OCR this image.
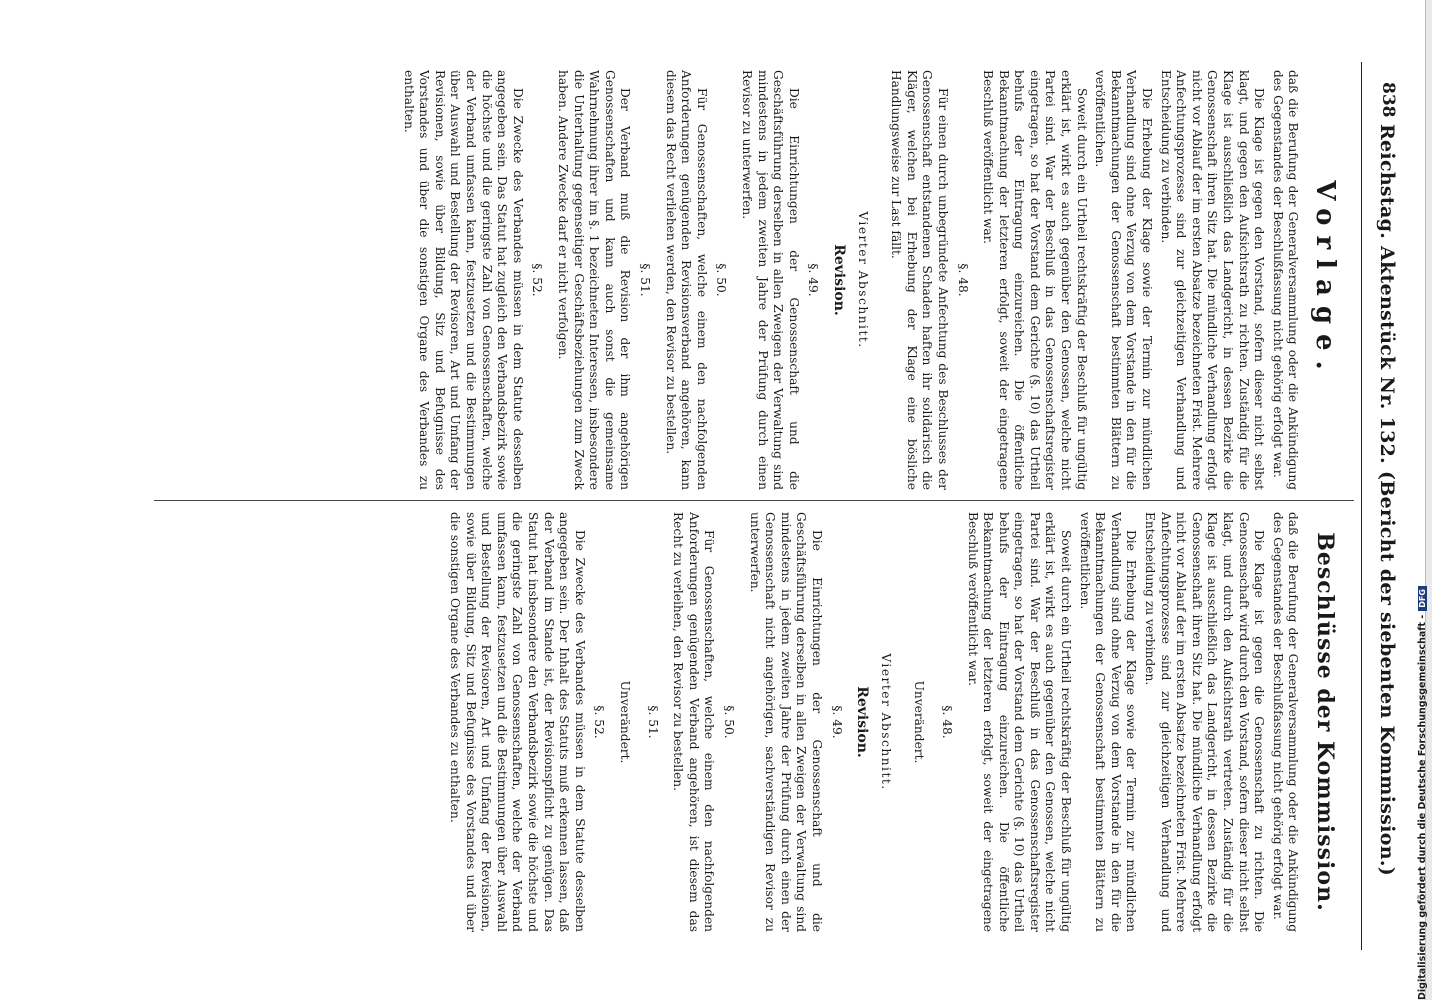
838
Reichstag. Aktenstück Nr. 132. (Bericht der siebenten Kommission.)
Vorlage.

daß die Berufung der Generalversammlung oder die Ankündigung des Gegenstandes der Beschlußfassung nicht gehörig erfolgt war.

Die Klage ist gegen den Vorstand, sofern dieser nicht selbst klagt, und gegen den Aufsichtsrath zu richten. Zuständig für die Klage ist ausschließlich das Landgericht, in dessen Bezirke die Genossenschaft ihren Sitz hat. Die mündliche Verhandlung erfolgt nicht vor Ablauf der im ersten Absatze bezeichneten Frist. Mehrere Anfechtungsprozesse sind zur gleichzeitigen Verhandlung und Entscheidung zu verbinden.

Die Erhebung der Klage sowie der Termin zur mündlichen Verhandlung sind ohne Verzug von dem Vorstande in den für die Bekanntmachungen der Genossenschaft bestimmten Blättern zu veröffentlichen.

Soweit durch ein Urtheil rechtskräftig der Beschluß für ungültig erklärt ist, wirkt es auch gegenüber den Genossen, welche nicht Partei sind. War der Beschluß in das Genossenschaftsregister eingetragen, so hat der Vorstand dem Gerichte (§. 10) das Urtheil behufs der Eintragung einzureichen. Die öffentliche Bekanntmachung der letzteren erfolgt, soweit der eingetragene Beschluß veröffentlicht war.

§. 48.

Für einen durch unbegründete Anfechtung des Beschlusses der Genossenschaft entstandenen Schaden haften ihr solidarisch die Kläger, welchen bei Erhebung der Klage eine bösliche Handlungsweise zur Last fällt.

Vierter Abschnitt.
Revision.
§. 49.

Die Einrichtungen der Genossenschaft und die Geschäftsführung derselben in allen Zweigen der Verwaltung sind mindestens in jedem zweiten Jahre der Prüfung durch einen Revisor zu unterwerfen.

§. 50.

Für Genossenschaften, welche einem den nachfolgenden Anforderungen genügenden Revisionsverband angehören, kann diesem das Recht verliehen werden, den Revisor zu bestellen.

§. 51.

Der Verband muß die Revision der ihm angehörigen Genossenschaften und kann auch sonst die gemeinsame Wahrnehmung ihrer im §. 1 bezeichneten Interessen, insbesondere die Unterhaltung gegenseitiger Geschäftsbeziehungen zum Zweck haben. Andere Zwecke darf er nicht verfolgen.

§. 52.

Die Zwecke des Verbandes müssen in dem Statute desselben angegeben sein. Das Statut hat zugleich den Verbandsbezirk sowie die höchste und die geringste Zahl von Genossenschaften, welche der Verband umfassen kann, festzusetzen und die Bestimmungen über Auswahl und Bestellung der Revisoren, Art und Umfang der Revisionen, sowie über Bildung, Sitz und Befugnisse des Vorstandes und über die sonstigen Organe des Verbandes zu enthalten.

Beschlüsse der Kommission.

daß die Berufung der Generalversammlung oder die Ankündigung des Gegenstandes der Beschlußfassung nicht gehörig erfolgt war.

Die Klage ist gegen die Genossenschaft zu richten. Die Genossenschaft wird durch den Vorstand, sofern dieser nicht selbst klagt, und durch den Aufsichtsrath vertreten. Zuständig für die Klage ist ausschließlich das Landgericht, in dessen Bezirke die Genossenschaft ihren Sitz hat. Die mündliche Verhandlung erfolgt nicht vor Ablauf der im ersten Absatze bezeichneten Frist. Mehrere Anfechtungsprozesse sind zur gleichzeitigen Verhandlung und Entscheidung zu verbinden.

Die Erhebung der Klage sowie der Termin zur mündlichen Verhandlung sind ohne Verzug von dem Vorstande in den für die Bekanntmachungen der Genossenschaft bestimmten Blättern zu veröffentlichen.

Soweit durch ein Urtheil rechtskräftig der Beschluß für ungültig erklärt ist, wirkt es auch gegenüber den Genossen, welche nicht Partei sind. War der Beschluß in das Genossenschaftsregister eingetragen, so hat der Vorstand dem Gerichte (§. 10) das Urtheil behufs der Eintragung einzureichen. Die öffentliche Bekanntmachung der letzteren erfolgt, soweit der eingetragene Beschluß veröffentlicht war.

§. 48.
Unverändert.
Vierter Abschnitt.
Revision.
§. 49.

Die Einrichtungen der Genossenschaft und die Geschäftsführung derselben in allen Zweigen der Verwaltung sind mindestens in jedem zweiten Jahre der Prüfung durch einen der Genossenschaft nicht angehörigen, sachverständigen Revisor zu unterwerfen.

§. 50.

Für Genossenschaften, welche einem den nachfolgenden Anforderungen genügenden Verband angehören, ist diesem das Recht zu verleihen, den Revisor zu bestellen.

§. 51.
Unverändert.
§. 52.

Die Zwecke des Verbandes müssen in dem Statute desselben angegeben sein. Der Inhalt des Statuts muß erkennen lassen, daß der Verband im Stande ist, der Revisionspflicht zu genügen. Das Statut hat insbesondere den Verbandsbezirk sowie die höchste und die geringste Zahl von Genossenschaften, welche der Verband umfassen kann, festzusetzen und die Bestimmungen über Auswahl und Bestellung der Revisoren, Art und Umfang der Revisionen, sowie über Bildung, Sitz und Befugnisse des Vorstandes und über die sonstigen Organe des Verbandes zu enthalten.	Digitalisierung gefördert durch die Deutsche Forschungsgemeinschaft -DFG
